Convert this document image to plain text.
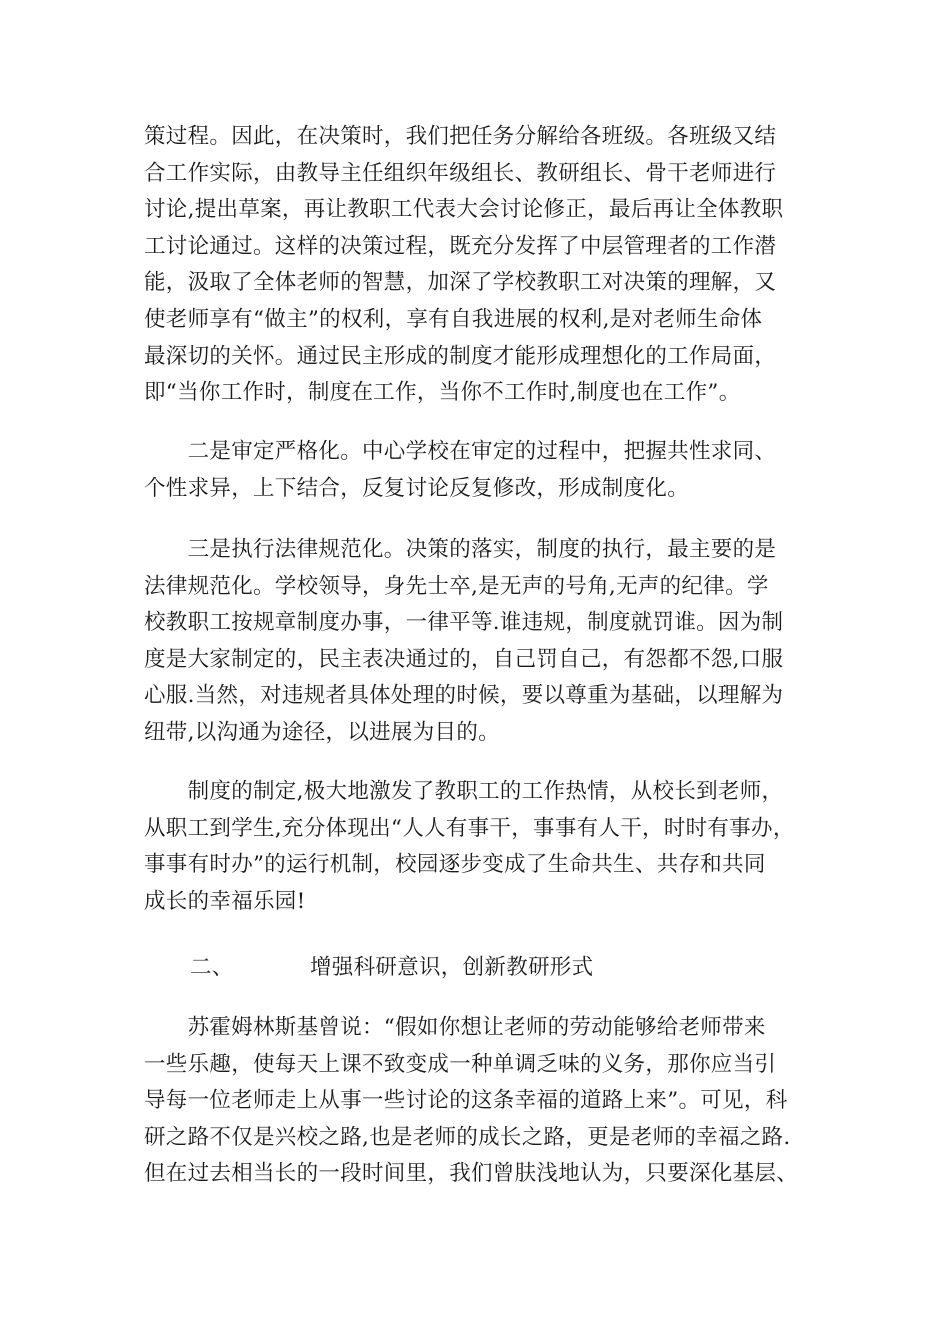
策过程。因此，在决策时，我们把任务分解给各班级。各班级又结
合工作实际，由教导主任组织年级组长、教研组长、骨干老师进行
讨论,提出草案，再让教职工代表大会讨论修正，最后再让全体教职
工讨论通过。这样的决策过程，既充分发挥了中层管理者的工作潜
能，汲取了全体老师的智慧，加深了学校教职工对决策的理解，又
使老师享有“做主”的权利，享有自我进展的权利,是对老师生命体
最深切的关怀。通过民主形成的制度才能形成理想化的工作局面，
即“当你工作时，制度在工作，当你不工作时,制度也在工作”。
　　二是审定严格化。中心学校在审定的过程中，把握共性求同、
个性求异，上下结合，反复讨论反复修改，形成制度化。
　　三是执行法律规范化。决策的落实，制度的执行，最主要的是
法律规范化。学校领导，身先士卒,是无声的号角,无声的纪律。学
校教职工按规章制度办事，一律平等.谁违规，制度就罚谁。因为制
度是大家制定的，民主表决通过的，自己罚自己，有怨都不怨,口服
心服.当然，对违规者具体处理的时候，要以尊重为基础，以理解为
纽带,以沟通为途径，以进展为目的。
　　制度的制定,极大地激发了教职工的工作热情，从校长到老师，
从职工到学生,充分体现出“人人有事干，事事有人干，时时有事办，
事事有时办”的运行机制，校园逐步变成了生命共生、共存和共同
成长的幸福乐园!
二、	增强科研意识，创新教研形式
　　苏霍姆林斯基曾说：“假如你想让老师的劳动能够给老师带来
一些乐趣，使每天上课不致变成一种单调乏味的义务，那你应当引
导每一位老师走上从事一些讨论的这条幸福的道路上来”。可见，科
研之路不仅是兴校之路,也是老师的成长之路，更是老师的幸福之路.
但在过去相当长的一段时间里，我们曾肤浅地认为，只要深化基层、
